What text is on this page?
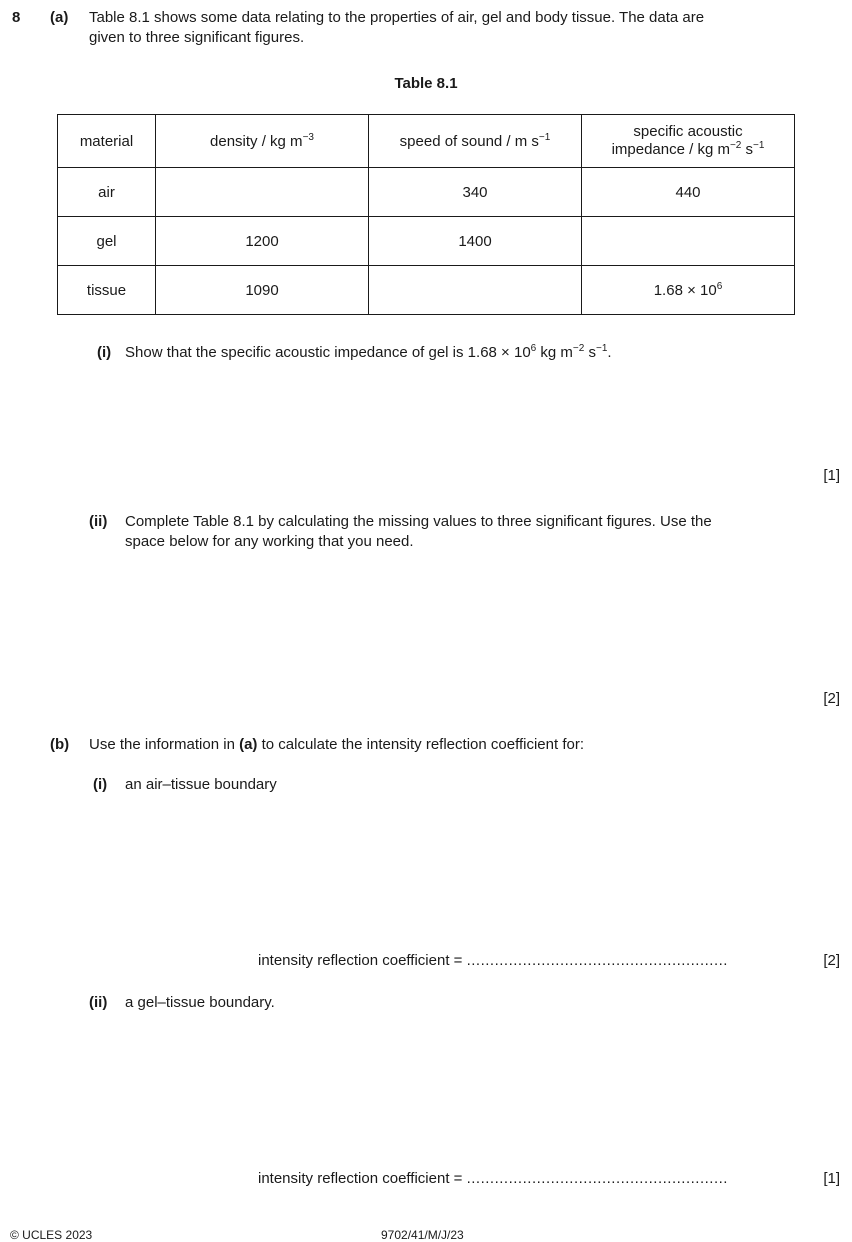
8 (a) Table 8.1 shows some data relating to the properties of air, gel and body tissue. The data are
given to three significant figures.
Table 8.1
material	density / kg $m^{-3}$	speed of sound / m $s^{-1}$	specific acoustic
impedance / kg $m^{-2}$ $s^{-1}$
air		340	440
gel	1200	1400	
tissue	1090		$1.68 \times 10^6$
(i) Show that the specific acoustic impedance of gel is $1.68 \times 10^6$ kg $m^{-2}$ $s^{-1}$.
[1]
(ii) Complete Table 8.1 by calculating the missing values to three significant figures. Use the
space below for any working that you need.
[2]
(b) Use the information in (a) to calculate the intensity reflection coefficient for:
(i) an air–tissue boundary
intensity reflection coefficient = ........................................................	[2]
(ii) a gel–tissue boundary.
intensity reflection coefficient = ........................................................	[1]
© UCLES 2023	9702/41/M/J/23
